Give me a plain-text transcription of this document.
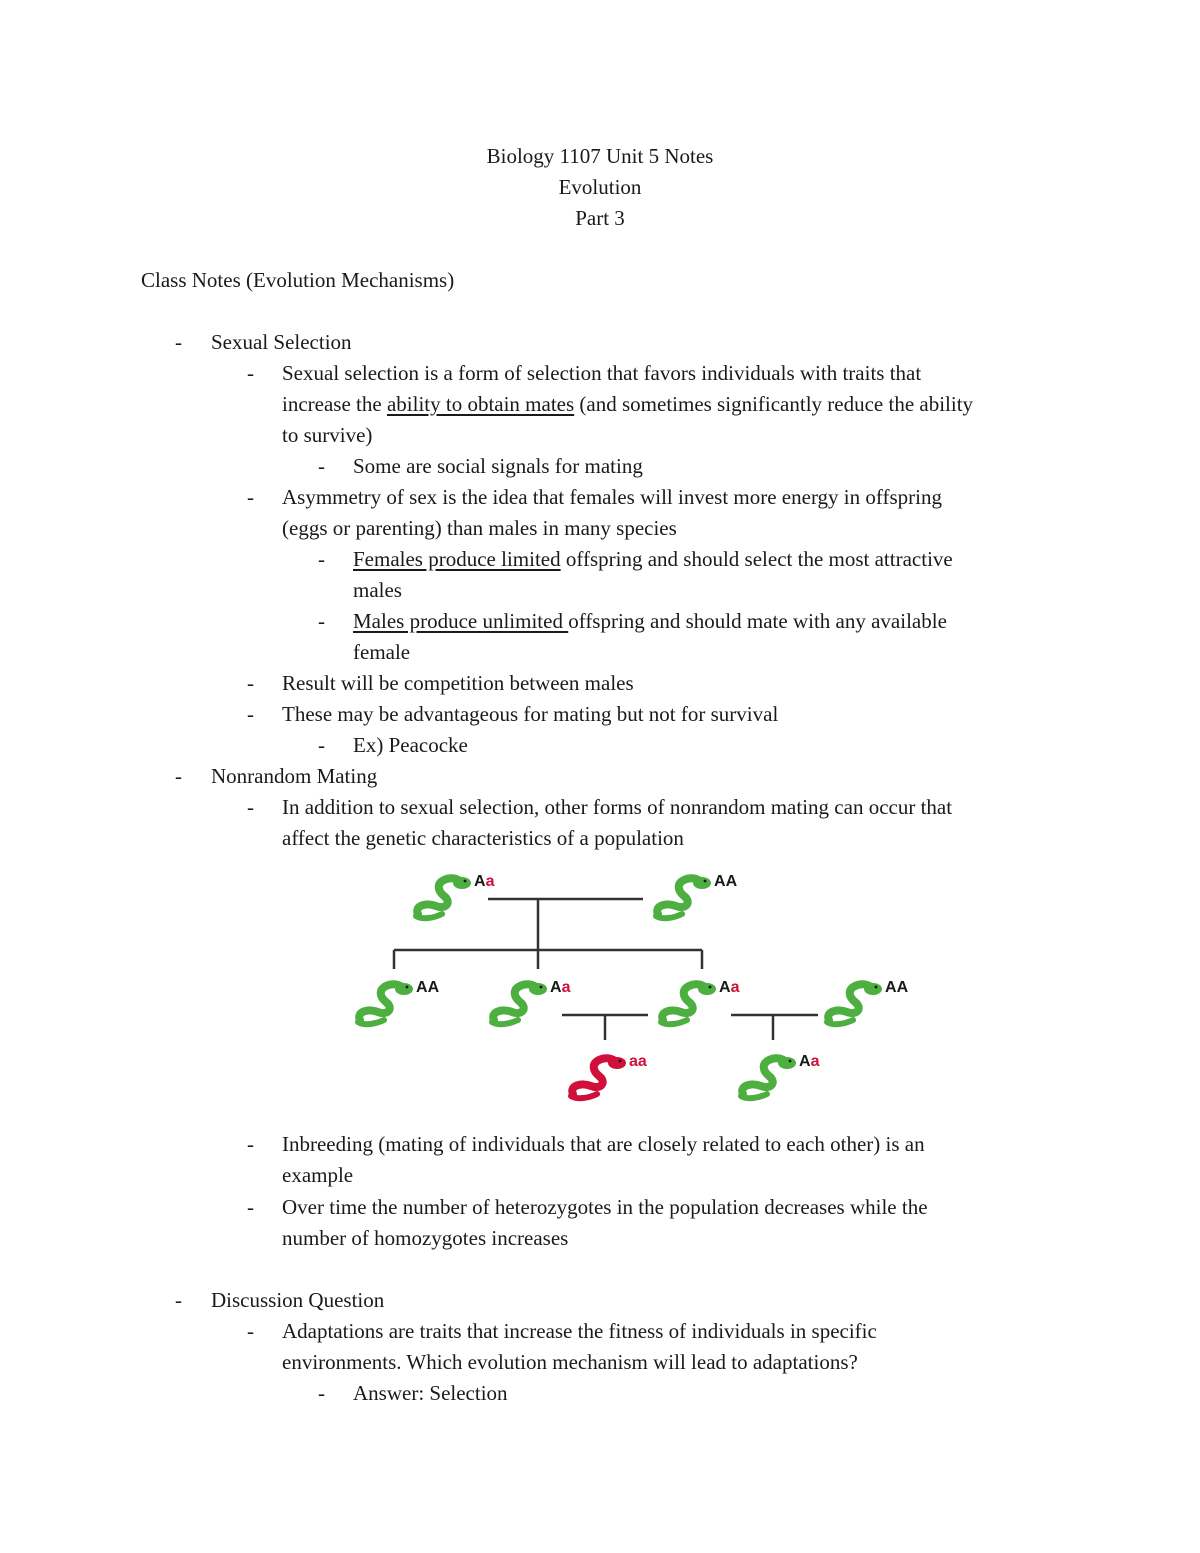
Biology 1107 Unit 5 Notes
Evolution
Part 3
Class Notes (Evolution Mechanisms)
- Sexual Selection
- Sexual selection is a form of selection that favors individuals with traits that
increase the ability to obtain mates (and sometimes significantly reduce the ability
to survive)
- Some are social signals for mating
- Asymmetry of sex is the idea that females will invest more energy in offspring
(eggs or parenting) than males in many species
- Females produce limited offspring and should select the most attractive
males
- Males produce unlimited offspring and should mate with any available
female
- Result will be competition between males
- These may be advantageous for mating but not for survival
- Ex) Peacocke
- Nonrandom Mating
- In addition to sexual selection, other forms of nonrandom mating can occur that
affect the genetic characteristics of a population
Aa	AA
AA	Aa	Aa	AA
aa	Aa
- Inbreeding (mating of individuals that are closely related to each other) is an
example
- Over time the number of heterozygotes in the population decreases while the
number of homozygotes increases
- Discussion Question
- Adaptations are traits that increase the fitness of individuals in specific
environments. Which evolution mechanism will lead to adaptations?
- Answer: Selection
